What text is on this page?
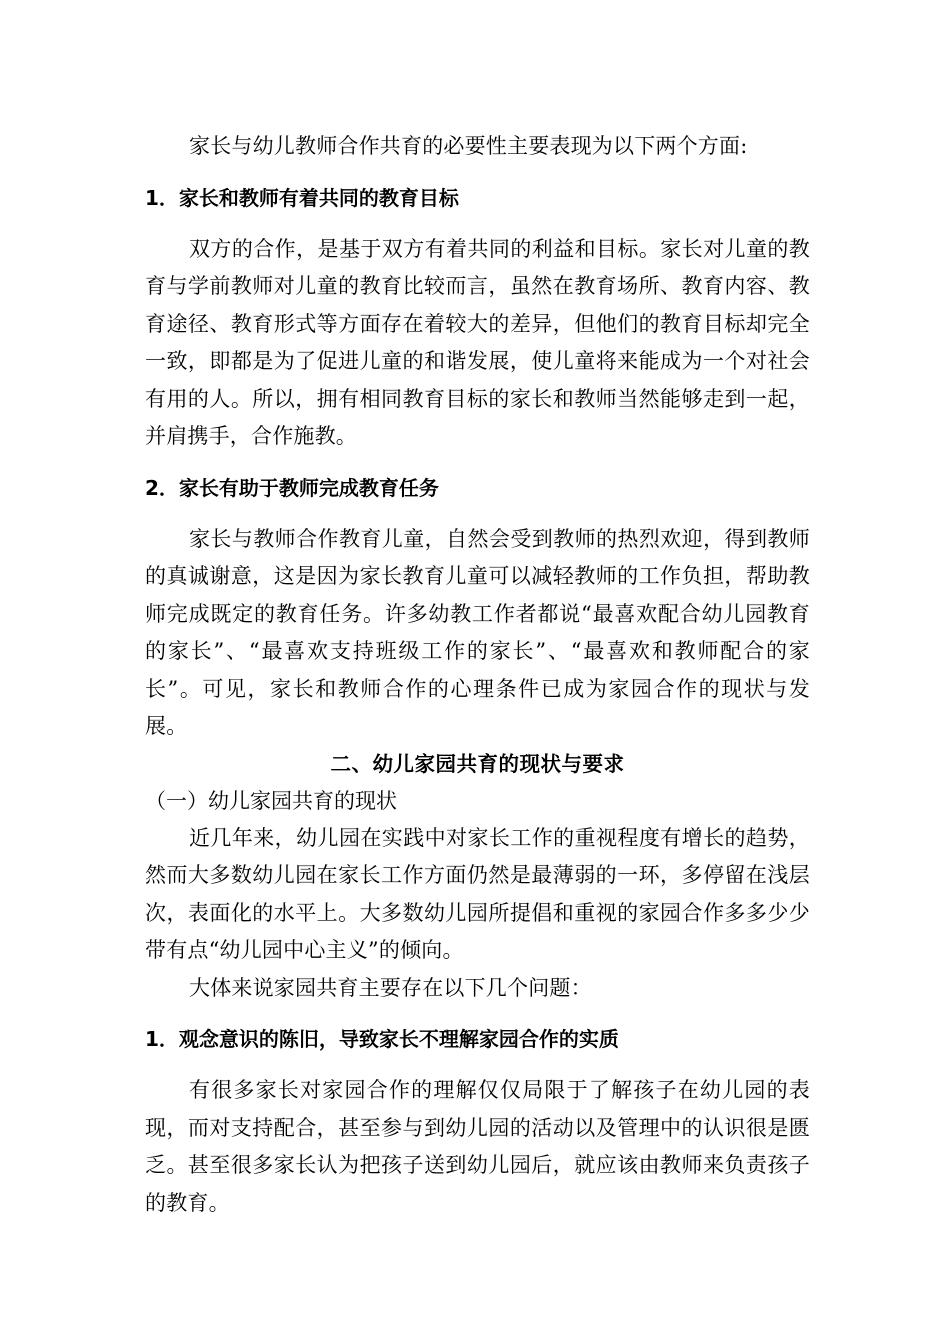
家长与幼儿教师合作共育的必要性主要表现为以下两个方面:

1．家长和教师有着共同的教育目标

双方的合作，是基于双方有着共同的利益和目标。家长对儿童的教育与学前教师对儿童的教育比较而言，虽然在教育场所、教育内容、教育途径、教育形式等方面存在着较大的差异，但他们的教育目标却完全一致，即都是为了促进儿童的和谐发展，使儿童将来能成为一个对社会有用的人。所以，拥有相同教育目标的家长和教师当然能够走到一起，并肩携手，合作施教。

2．家长有助于教师完成教育任务

家长与教师合作教育儿童，自然会受到教师的热烈欢迎，得到教师的真诚谢意，这是因为家长教育儿童可以减轻教师的工作负担，帮助教师完成既定的教育任务。许多幼教工作者都说“最喜欢配合幼儿园教育的家长”、“最喜欢支持班级工作的家长”、“最喜欢和教师配合的家长”。可见，家长和教师合作的心理条件已成为家园合作的现状与发展。

二、幼儿家园共育的现状与要求
（一）幼儿家园共育的现状

近几年来，幼儿园在实践中对家长工作的重视程度有增长的趋势，然而大多数幼儿园在家长工作方面仍然是最薄弱的一环，多停留在浅层次，表面化的水平上。大多数幼儿园所提倡和重视的家园合作多多少少带有点“幼儿园中心主义”的倾向。

大体来说家园共育主要存在以下几个问题：

1．观念意识的陈旧，导致家长不理解家园合作的实质

有很多家长对家园合作的理解仅仅局限于了解孩子在幼儿园的表现，而对支持配合，甚至参与到幼儿园的活动以及管理中的认识很是匮乏。甚至很多家长认为把孩子送到幼儿园后，就应该由教师来负责孩子的教育。
